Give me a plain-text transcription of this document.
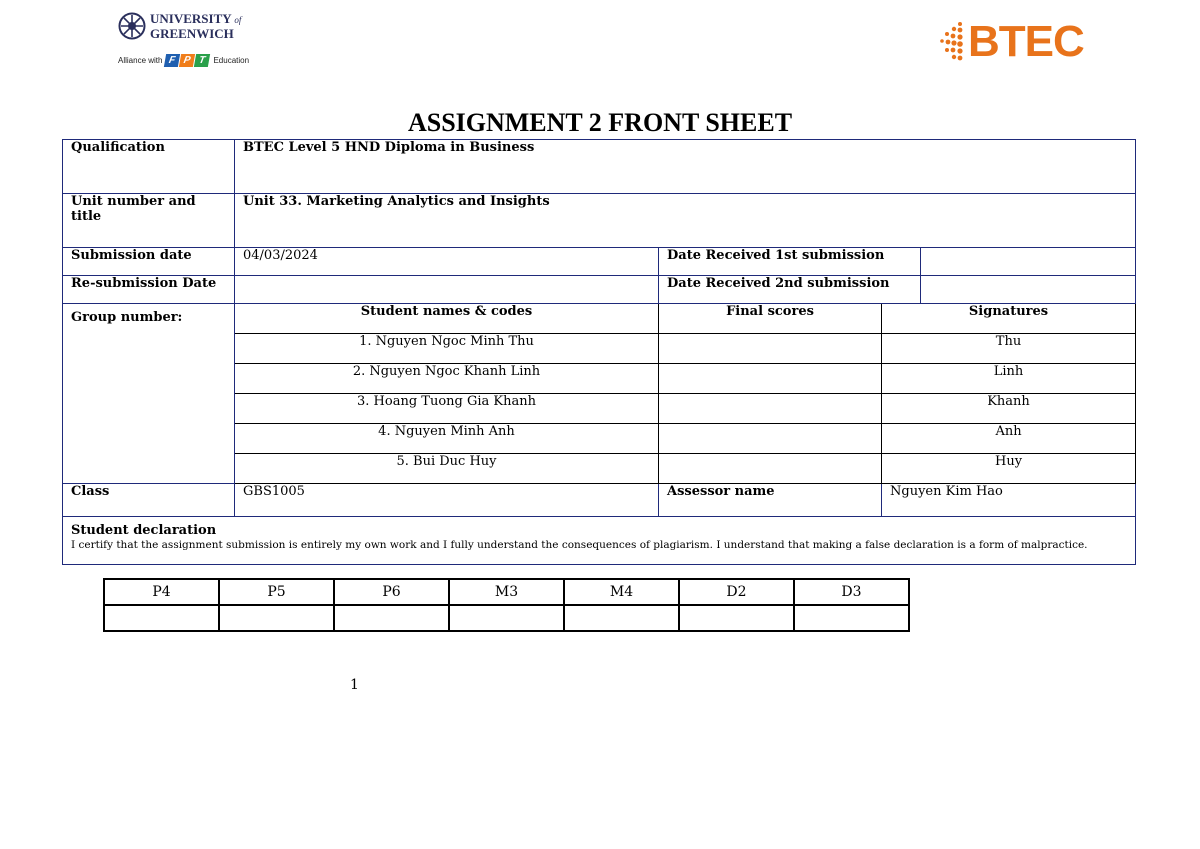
UNIVERSITY of
GREENWICH
Alliance with F P T Education	BTEC
ASSIGNMENT 2 FRONT SHEET
Qualification	BTEC Level 5 HND Diploma in Business			
Unit number and title	Unit 33. Marketing Analytics and Insights			
Submission date	04/03/2024	Date Received 1st submission		
Re-submission Date		Date Received 2nd submission		
Group number:	Student names & codes	Final scores	Signatures	
	1. Nguyen Ngoc Minh Thu		Thu	
	2. Nguyen Ngoc Khanh Linh		Linh	
	3. Hoang Tuong Gia Khanh		Khanh	
	4. Nguyen Minh Anh		Anh	
	5. Bui Duc Huy		Huy	
Class	GBS1005	Assessor name	Nguyen Kim Hao	

Student declaration
I certify that the assignment submission is entirely my own work and I fully understand the consequences of plagiarism. I understand that making a false declaration is a form of malpractice.				
P4	P5	P6	M3	M4	D2	D3

1
